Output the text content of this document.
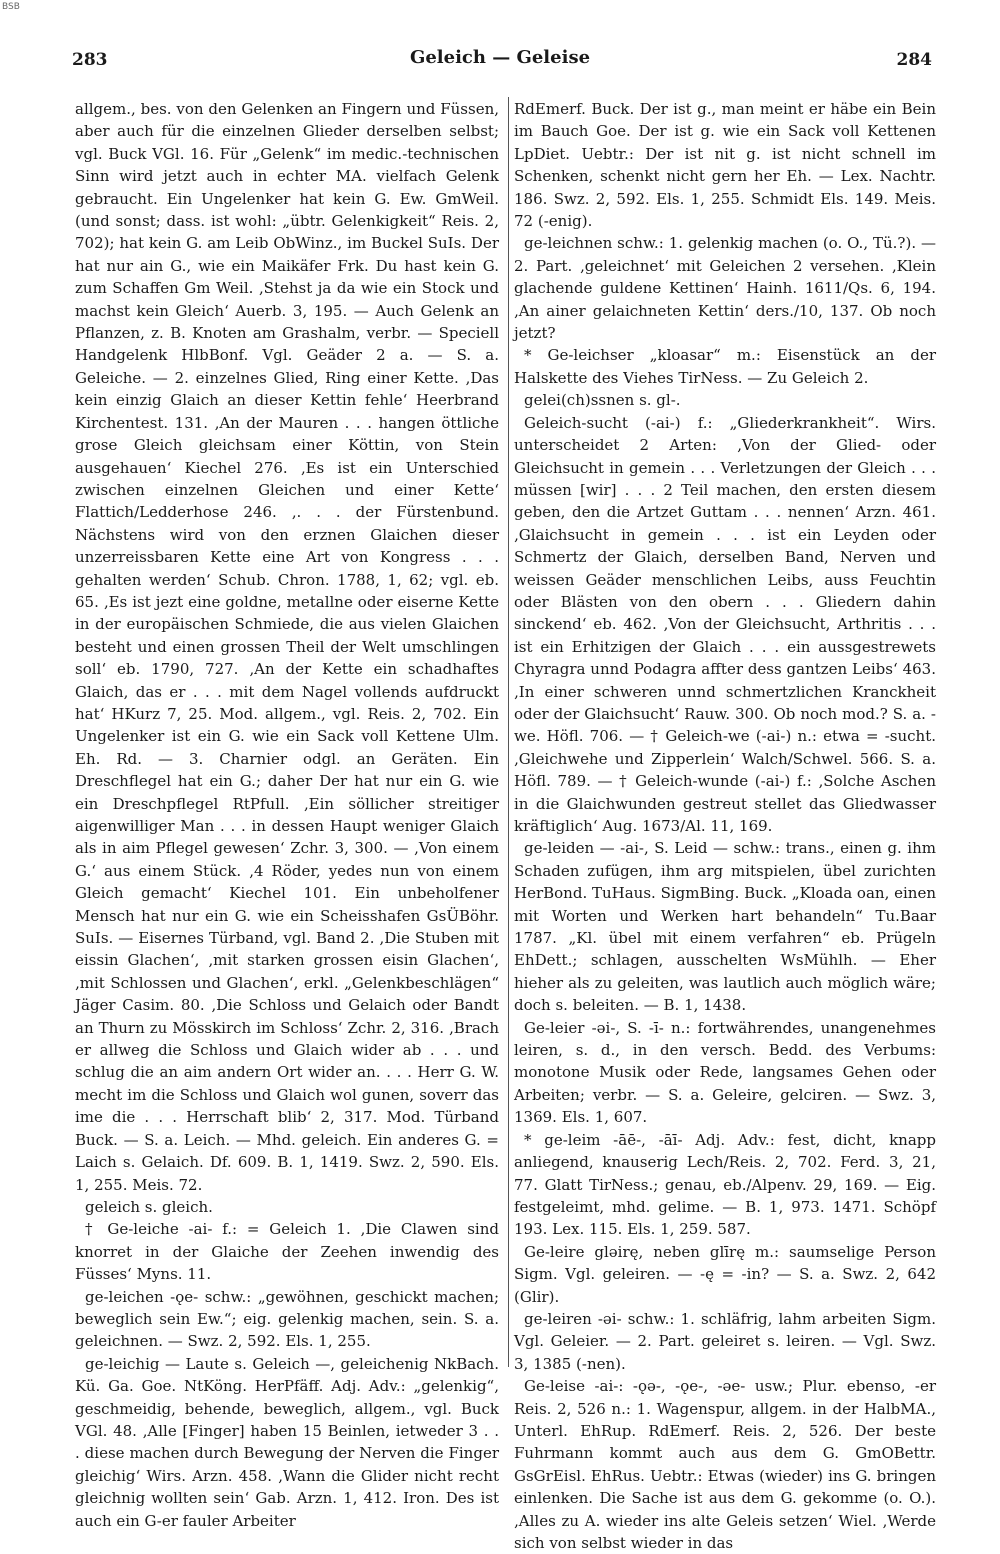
BSB
283	Geleich — Geleise	284

allgem., bes. von den Gelenken an Fingern und Füssen, aber auch für die einzelnen Glieder derselben selbst; vgl. Buck VGl. 16. Für „Gelenk“ im medic.-technischen Sinn wird jetzt auch in echter MA. vielfach Gelenk gebraucht. Ein Ungelenker hat kein G. Ew. GmWeil. (und sonst; dass. ist wohl: „übtr. Gelenkigkeit“ Reis. 2, 702); hat kein G. am Leib ObWinz., im Buckel SuIs. Der hat nur ain G., wie ein Maikäfer Frk. Du hast kein G. zum Schaffen Gm Weil. ‚Stehst ja da wie ein Stock und machst kein Gleich‘ Auerb. 3, 195. — Auch Gelenk an Pflanzen, z. B. Knoten am Grashalm, verbr. — Speciell Handgelenk HlbBonf. Vgl. Geäder 2 a. — S. a. Geleiche. — 2. einzelnes Glied, Ring einer Kette. ‚Das kein einzig Glaich an dieser Kettin fehle‘ Heerbrand Kirchentest. 131. ‚An der Mauren . . . hangen öttliche grose Gleich gleichsam einer Köttin, von Stein ausgehauen‘ Kiechel 276. ‚Es ist ein Unterschied zwischen einzelnen Gleichen und einer Kette‘ Flattich/Ledderhose 246. ‚. . . der Fürstenbund. Nächstens wird von den erznen Glaichen dieser unzerreissbaren Kette eine Art von Kongress . . . gehalten werden‘ Schub. Chron. 1788, 1, 62; vgl. eb. 65. ‚Es ist jezt eine goldne, metallne oder eiserne Kette in der europäischen Schmiede, die aus vielen Glaichen besteht und einen grossen Theil der Welt umschlingen soll‘ eb. 1790, 727. ‚An der Kette ein schadhaftes Glaich, das er . . . mit dem Nagel vollends aufdruckt hat‘ HKurz 7, 25. Mod. allgem., vgl. Reis. 2, 702. Ein Ungelenker ist ein G. wie ein Sack voll Kettene Ulm. Eh. Rd. — 3. Charnier odgl. an Geräten. Ein Dreschflegel hat ein G.; daher Der hat nur ein G. wie ein Dreschpflegel RtPfull. ‚Ein söllicher streitiger aigenwilliger Man . . . in dessen Haupt weniger Glaich als in aim Pflegel gewesen‘ Zchr. 3, 300. — ‚Von einem G.‘ aus einem Stück. ‚4 Röder, yedes nun von einem Gleich gemacht‘ Kiechel 101. Ein unbeholfener Mensch hat nur ein G. wie ein Scheisshafen GsÜBöhr. SuIs. — Eisernes Türband, vgl. Band 2. ‚Die Stuben mit eissin Glachen‘, ‚mit starken grossen eisin Glachen‘, ‚mit Schlossen und Glachen‘, erkl. „Gelenkbeschlägen“ Jäger Casim. 80. ‚Die Schloss und Gelaich oder Bandt an Thurn zu Mösskirch im Schloss‘ Zchr. 2, 316. ‚Brach er allweg die Schloss und Glaich wider ab . . . und schlug die an aim andern Ort wider an. . . . Herr G. W. mecht im die Schloss und Glaich wol gunen, soverr das ime die . . . Herrschaft blib‘ 2, 317. Mod. Türband Buck. — S. a. Leich. — Mhd. geleich. Ein anderes G. = Laich s. Gelaich. Df. 609. B. 1, 1419. Swz. 2, 590. Els. 1, 255. Meis. 72.

geleich s. gleich.

† Ge-leiche -ai- f.: = Geleich 1. ‚Die Clawen sind knorret in der Glaiche der Zeehen inwendig des Füsses‘ Myns. 11.

ge-leichen -ǫe- schw.: „gewöhnen, geschickt machen; beweglich sein Ew.“; eig. gelenkig machen, sein. S. a. geleichnen. — Swz. 2, 592. Els. 1, 255.

ge-leichig — Laute s. Geleich —, geleichenig NkBach. Kü. Ga. Goe. NtKöng. HerPfäff. Adj. Adv.: „gelenkig“, geschmeidig, behende, beweglich, allgem., vgl. Buck VGl. 48. ‚Alle [Finger] haben 15 Beinlen, ietweder 3 . . . diese machen durch Bewegung der Nerven die Finger gleichig‘ Wirs. Arzn. 458. ‚Wann die Glider nicht recht gleichnig wollten sein‘ Gab. Arzn. 1, 412. Iron. Des ist auch ein G-er fauler Arbeiter

RdEmerf. Buck. Der ist g., man meint er häbe ein Bein im Bauch Goe. Der ist g. wie ein Sack voll Kettenen LpDiet. Uebtr.: Der ist nit g. ist nicht schnell im Schenken, schenkt nicht gern her Eh. — Lex. Nachtr. 186. Swz. 2, 592. Els. 1, 255. Schmidt Els. 149. Meis. 72 (-enig).

ge-leichnen schw.: 1. gelenkig machen (o. O., Tü.?). — 2. Part. ‚geleichnet‘ mit Geleichen 2 versehen. ‚Klein glachende guldene Kettinen‘ Hainh. 1611/Qs. 6, 194. ‚An ainer gelaichneten Kettin‘ ders./10, 137. Ob noch jetzt?

* Ge-leichser „kloasar“ m.: Eisenstück an der Halskette des Viehes TirNess. — Zu Geleich 2.

gelei(ch)ssnen s. gl-.

Geleich-sucht (-ai-) f.: „Gliederkrankheit“. Wirs. unterscheidet 2 Arten: ‚Von der Glied- oder Gleichsucht in gemein . . . Verletzungen der Gleich . . . müssen [wir] . . . 2 Teil machen, den ersten diesem geben, den die Artzet Guttam . . . nennen‘ Arzn. 461. ‚Glaichsucht in gemein . . . ist ein Leyden oder Schmertz der Glaich, derselben Band, Nerven und weissen Geäder menschlichen Leibs, auss Feuchtin oder Blästen von den obern . . . Gliedern dahin sinckend‘ eb. 462. ‚Von der Gleichsucht, Arthritis . . . ist ein Erhitzigen der Glaich . . . ein aussgestrewets Chyragra unnd Podagra affter dess gantzen Leibs‘ 463. ‚In einer schweren unnd schmertzlichen Kranckheit oder der Glaichsucht‘ Rauw. 300. Ob noch mod.? S. a. -we. Höfl. 706. — † Geleich-we (-ai-) n.: etwa = -sucht. ‚Gleichwehe und Zipperlein‘ Walch/Schwel. 566. S. a. Höfl. 789. — † Geleich-wunde (-ai-) f.: ‚Solche Aschen in die Glaichwunden gestreut stellet das Gliedwasser kräftiglich‘ Aug. 1673/Al. 11, 169.

ge-leiden — -ai-, S. Leid — schw.: trans., einen g. ihm Schaden zufügen, ihm arg mitspielen, übel zurichten HerBond. TuHaus. SigmBing. Buck. „Kloada oan, einen mit Worten und Werken hart behandeln“ Tu.Baar 1787. „Kl. übel mit einem verfahren“ eb. Prügeln EhDett.; schlagen, ausschelten WsMühlh. — Eher hieher als zu geleiten, was lautlich auch möglich wäre; doch s. beleiten. — B. 1, 1438.

Ge-leier -əi-, S. -ī- n.: fortwährendes, unangenehmes leiren, s. d., in den versch. Bedd. des Verbums: monotone Musik oder Rede, langsames Gehen oder Arbeiten; verbr. — S. a. Geleire, gelciren. — Swz. 3, 1369. Els. 1, 607.

* ge-leim -āē-, -āī- Adj. Adv.: fest, dicht, knapp anliegend, knauserig Lech/Reis. 2, 702. Ferd. 3, 21, 77. Glatt TirNess.; genau, eb./Alpenv. 29, 169. — Eig. festgeleimt, mhd. gelime. — B. 1, 973. 1471. Schöpf 193. Lex. 115. Els. 1, 259. 587.

Ge-leire gləirę, neben glīrę m.: saumselige Person Sigm. Vgl. geleiren. — -ę = -in? — S. a. Swz. 2, 642 (Glir).

ge-leiren -əi- schw.: 1. schläfrig, lahm arbeiten Sigm. Vgl. Geleier. — 2. Part. geleiret s. leiren. — Vgl. Swz. 3, 1385 (-nen).

Ge-leise -ai-: -ǫə-, -ǫe-, -ǝe- usw.; Plur. ebenso, -er Reis. 2, 526 n.: 1. Wagenspur, allgem. in der HalbMA., Unterl. EhRup. RdEmerf. Reis. 2, 526. Der beste Fuhrmann kommt auch aus dem G. GmOBettr. GsGrEisl. EhRus. Uebtr.: Etwas (wieder) ins G. bringen einlenken. Die Sache ist aus dem G. gekomme (o. O.). ‚Alles zu A. wieder ins alte Geleis setzen‘ Wiel. ‚Werde sich von selbst wieder in das
